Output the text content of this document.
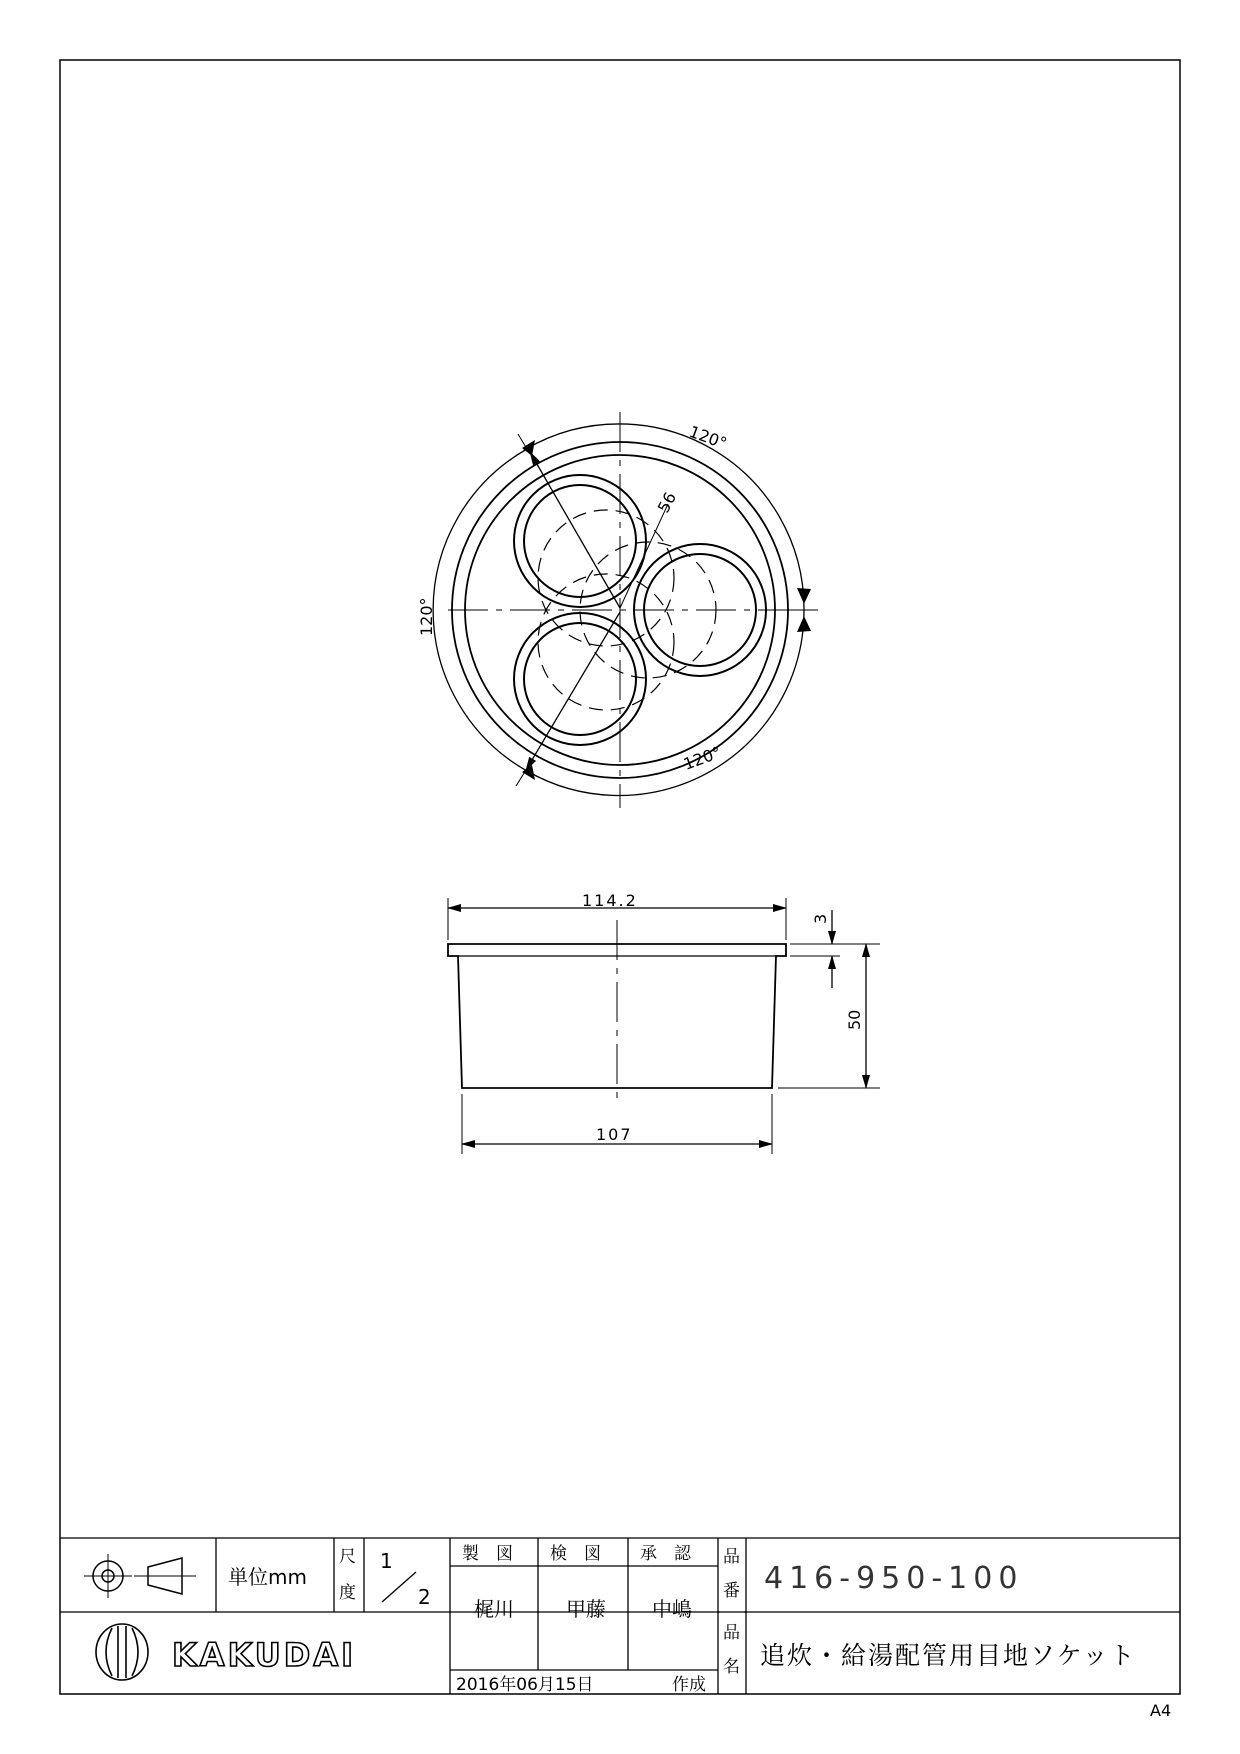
120°
120°
120°
56
114.2
107
3
50
単位mm
尺
度
1
2
製　図 検　図 承　認
梶川	甲藤 中嶋
2016年06月15日	作成
品
番 416-950-100
品
名 追炊・給湯配管用目地ソケット
KAKUDAI
A4
